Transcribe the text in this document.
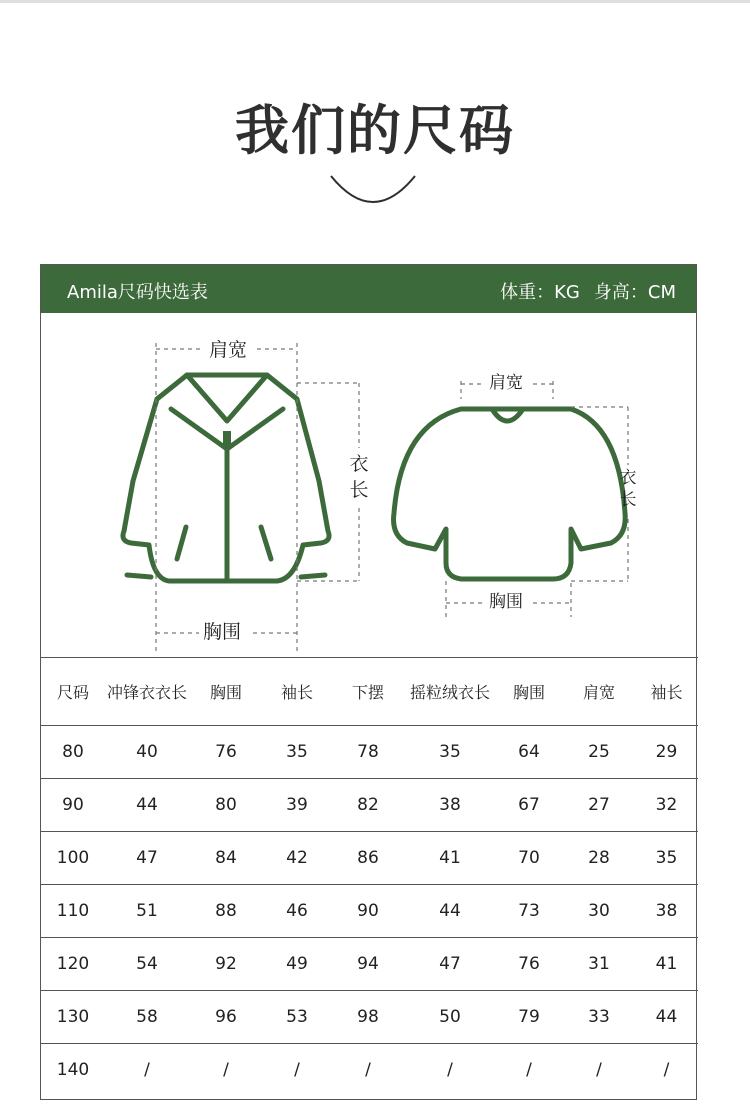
我们的尺码
Amila尺码快选表	体重：KG 身高：CM
肩宽
衣
长
胸围
肩宽
衣
长
胸围
尺码	冲锋衣衣长	胸围	袖长	下摆	摇粒绒衣长	胸围	肩宽	袖长
80	40	76	35	78	35	64	25	29
90	44	80	39	82	38	67	27	32
100	47	84	42	86	41	70	28	35
110	51	88	46	90	44	73	30	38
120	54	92	49	94	47	76	31	41
130	58	96	53	98	50	79	33	44
140	/	/	/	/	/	/	/	/
